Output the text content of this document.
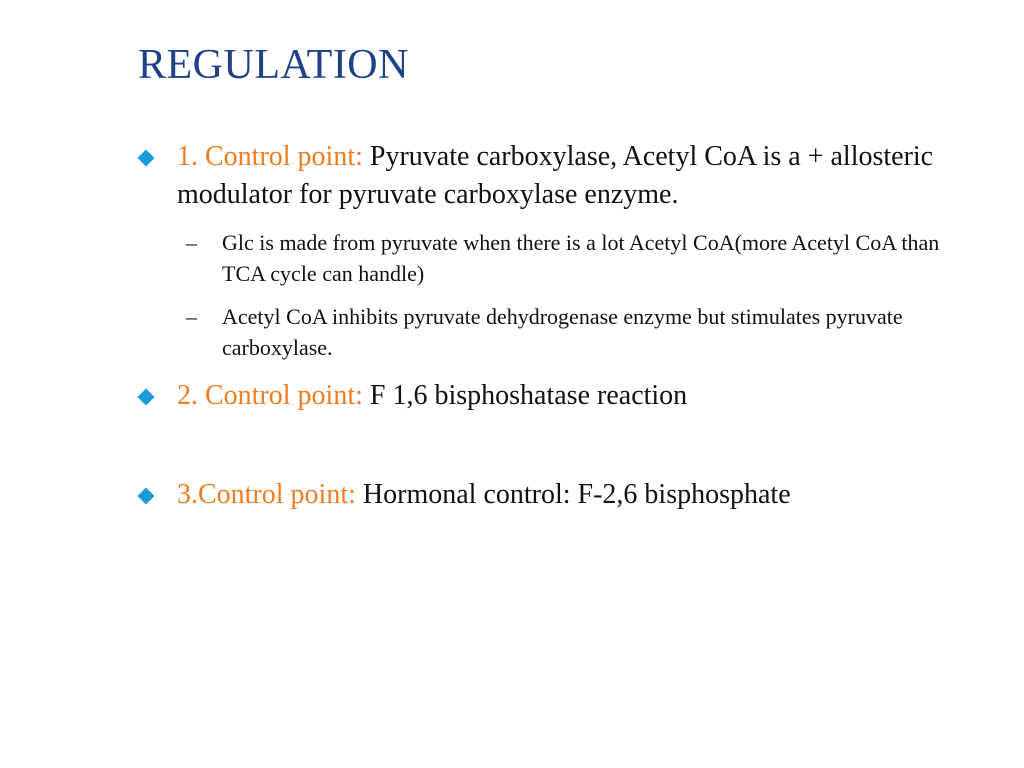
REGULATION
1. Control point: Pyruvate carboxylase, Acetyl CoA is a + allosteric modulator for pyruvate carboxylase enzyme.
– Glc is made from pyruvate when there is a lot Acetyl CoA(more Acetyl CoA than TCA cycle can handle)
– Acetyl CoA inhibits pyruvate dehydrogenase enzyme but stimulates pyruvate carboxylase.
2. Control point: F 1,6 bisphoshatase reaction
3.Control point: Hormonal control: F-2,6 bisphosphate
